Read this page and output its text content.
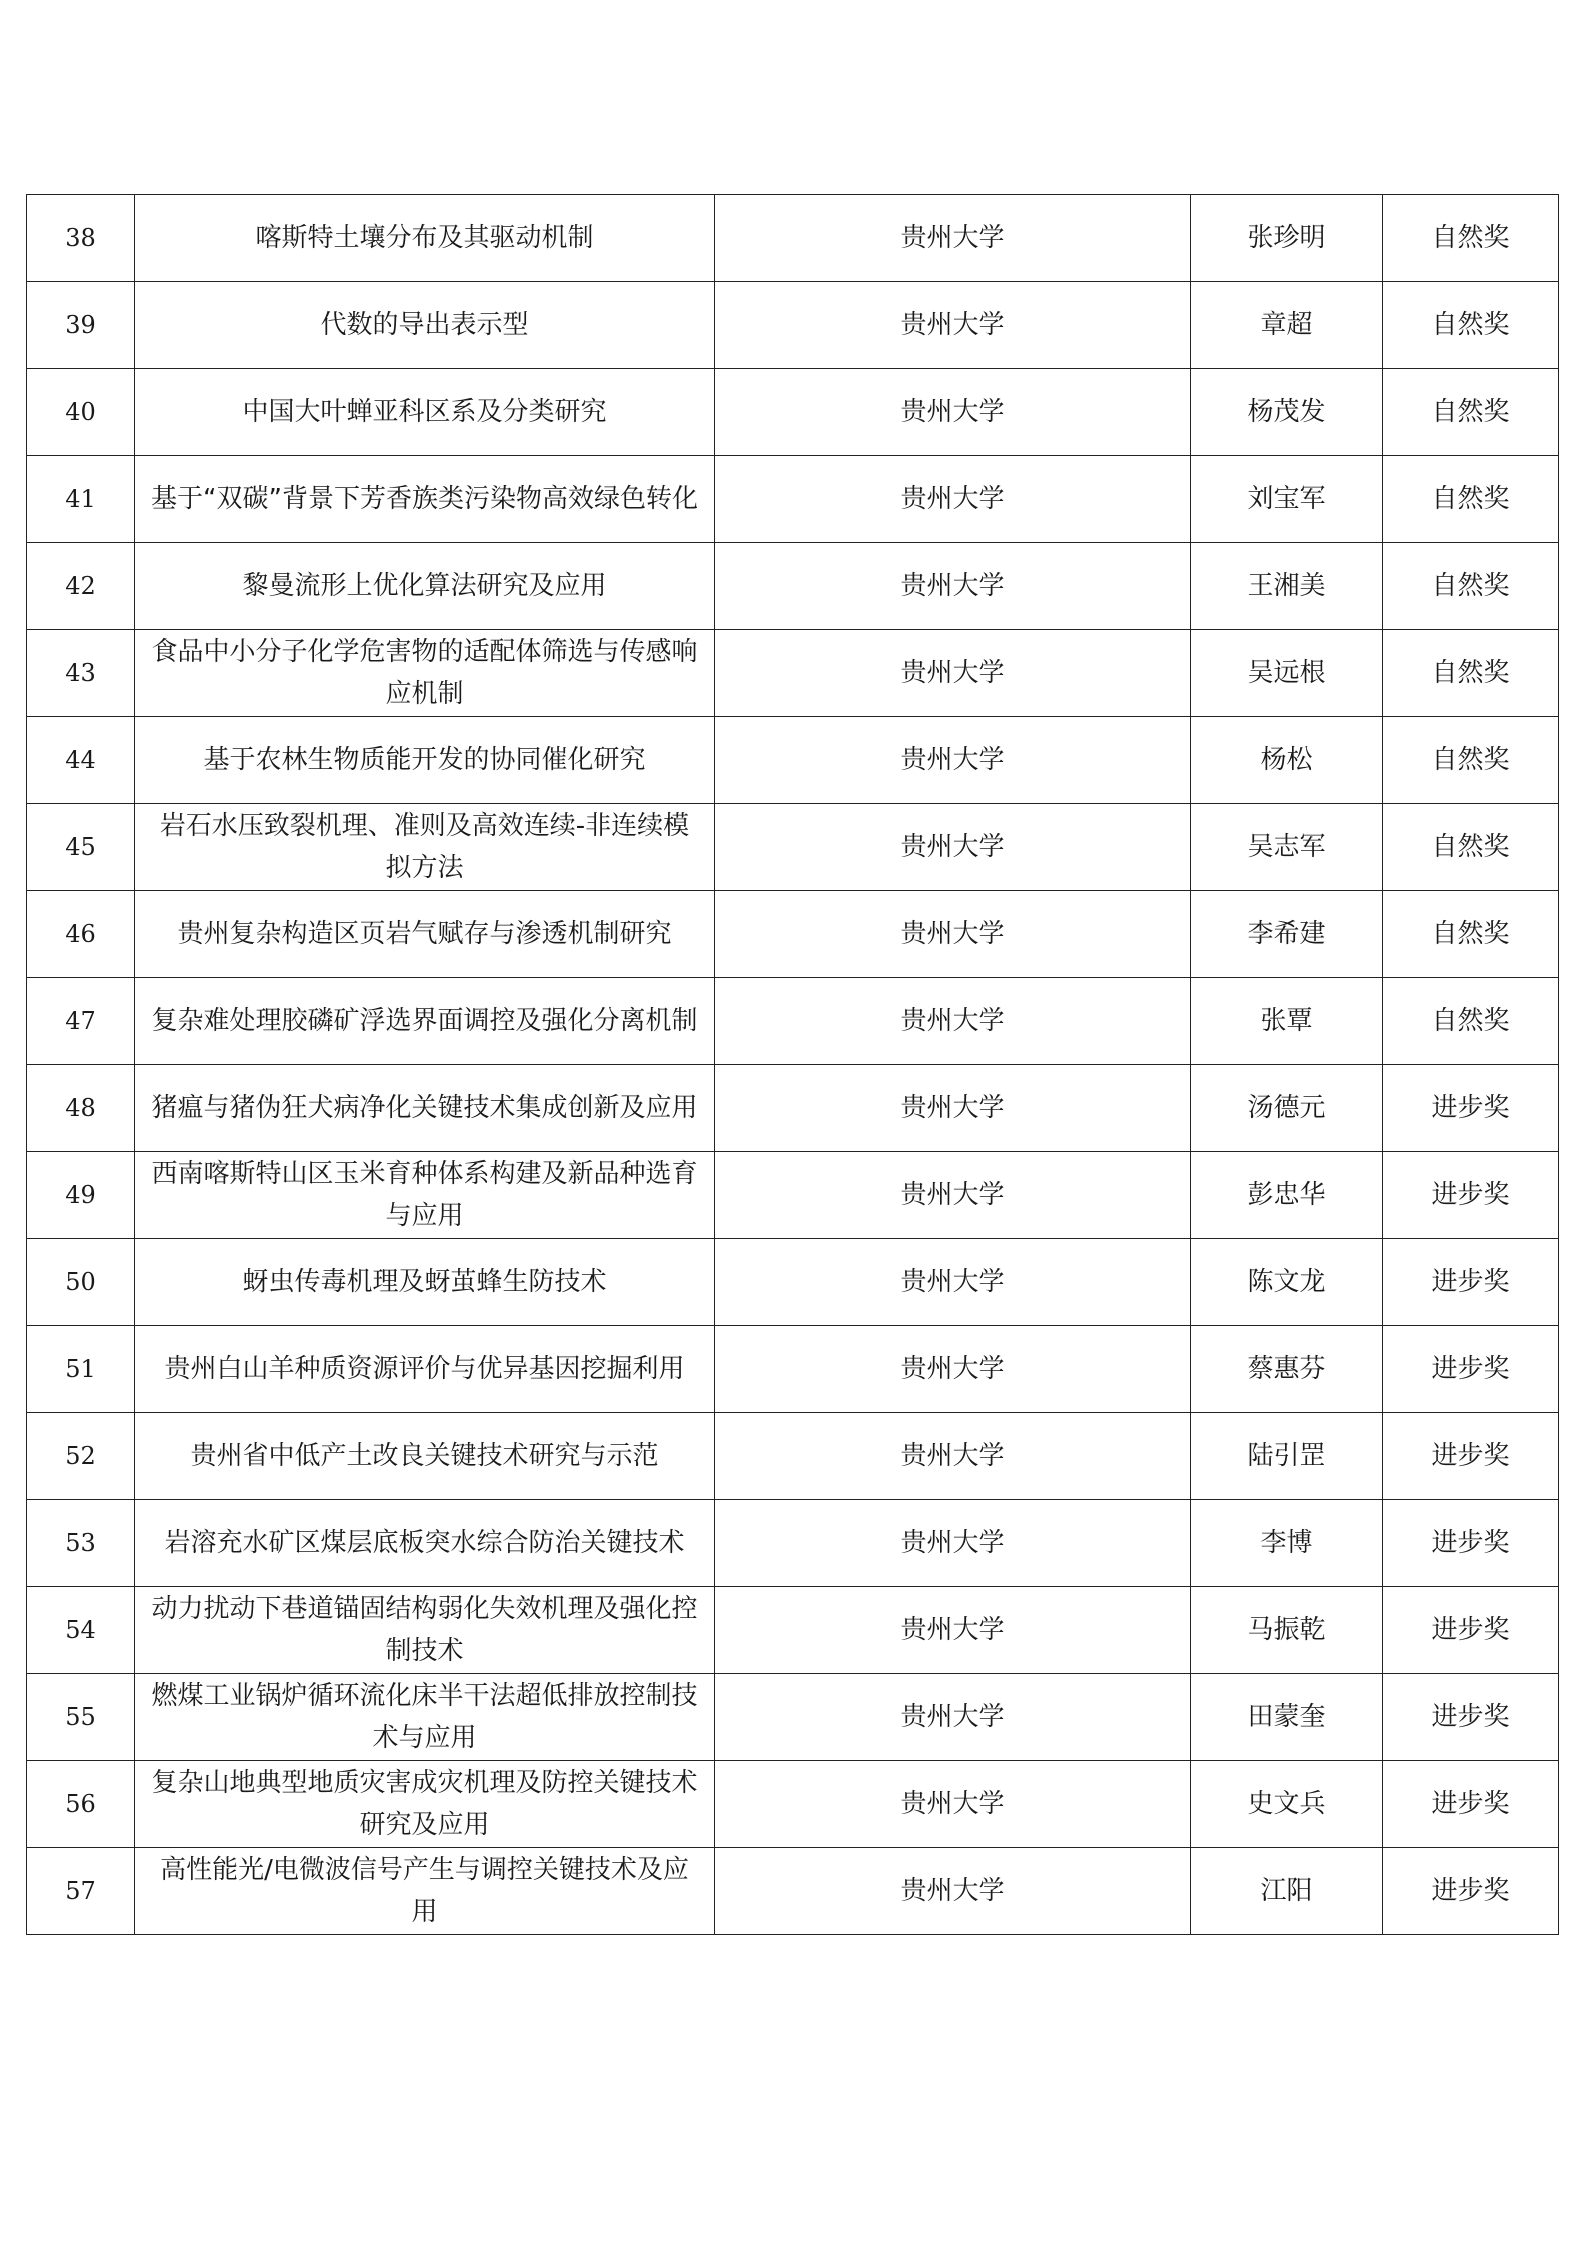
38	喀斯特土壤分布及其驱动机制	贵州大学	张珍明	自然奖
39	代数的导出表示型	贵州大学	章超	自然奖
40	中国大叶蝉亚科区系及分类研究	贵州大学	杨茂发	自然奖
41	基于“双碳”背景下芳香族类污染物高效绿色转化	贵州大学	刘宝军	自然奖
42	黎曼流形上优化算法研究及应用	贵州大学	王湘美	自然奖
43	食品中小分子化学危害物的适配体筛选与传感响应机制	贵州大学	吴远根	自然奖
44	基于农林生物质能开发的协同催化研究	贵州大学	杨松	自然奖
45	岩石水压致裂机理、准则及高效连续-非连续模拟方法	贵州大学	吴志军	自然奖
46	贵州复杂构造区页岩气赋存与渗透机制研究	贵州大学	李希建	自然奖
47	复杂难处理胶磷矿浮选界面调控及强化分离机制	贵州大学	张覃	自然奖
48	猪瘟与猪伪狂犬病净化关键技术集成创新及应用	贵州大学	汤德元	进步奖
49	西南喀斯特山区玉米育种体系构建及新品种选育与应用	贵州大学	彭忠华	进步奖
50	蚜虫传毒机理及蚜茧蜂生防技术	贵州大学	陈文龙	进步奖
51	贵州白山羊种质资源评价与优异基因挖掘利用	贵州大学	蔡惠芬	进步奖
52	贵州省中低产土改良关键技术研究与示范	贵州大学	陆引罡	进步奖
53	岩溶充水矿区煤层底板突水综合防治关键技术	贵州大学	李博	进步奖
54	动力扰动下巷道锚固结构弱化失效机理及强化控制技术	贵州大学	马振乾	进步奖
55	燃煤工业锅炉循环流化床半干法超低排放控制技术与应用	贵州大学	田蒙奎	进步奖
56	复杂山地典型地质灾害成灾机理及防控关键技术研究及应用	贵州大学	史文兵	进步奖
57	高性能光/电微波信号产生与调控关键技术及应用	贵州大学	江阳	进步奖
